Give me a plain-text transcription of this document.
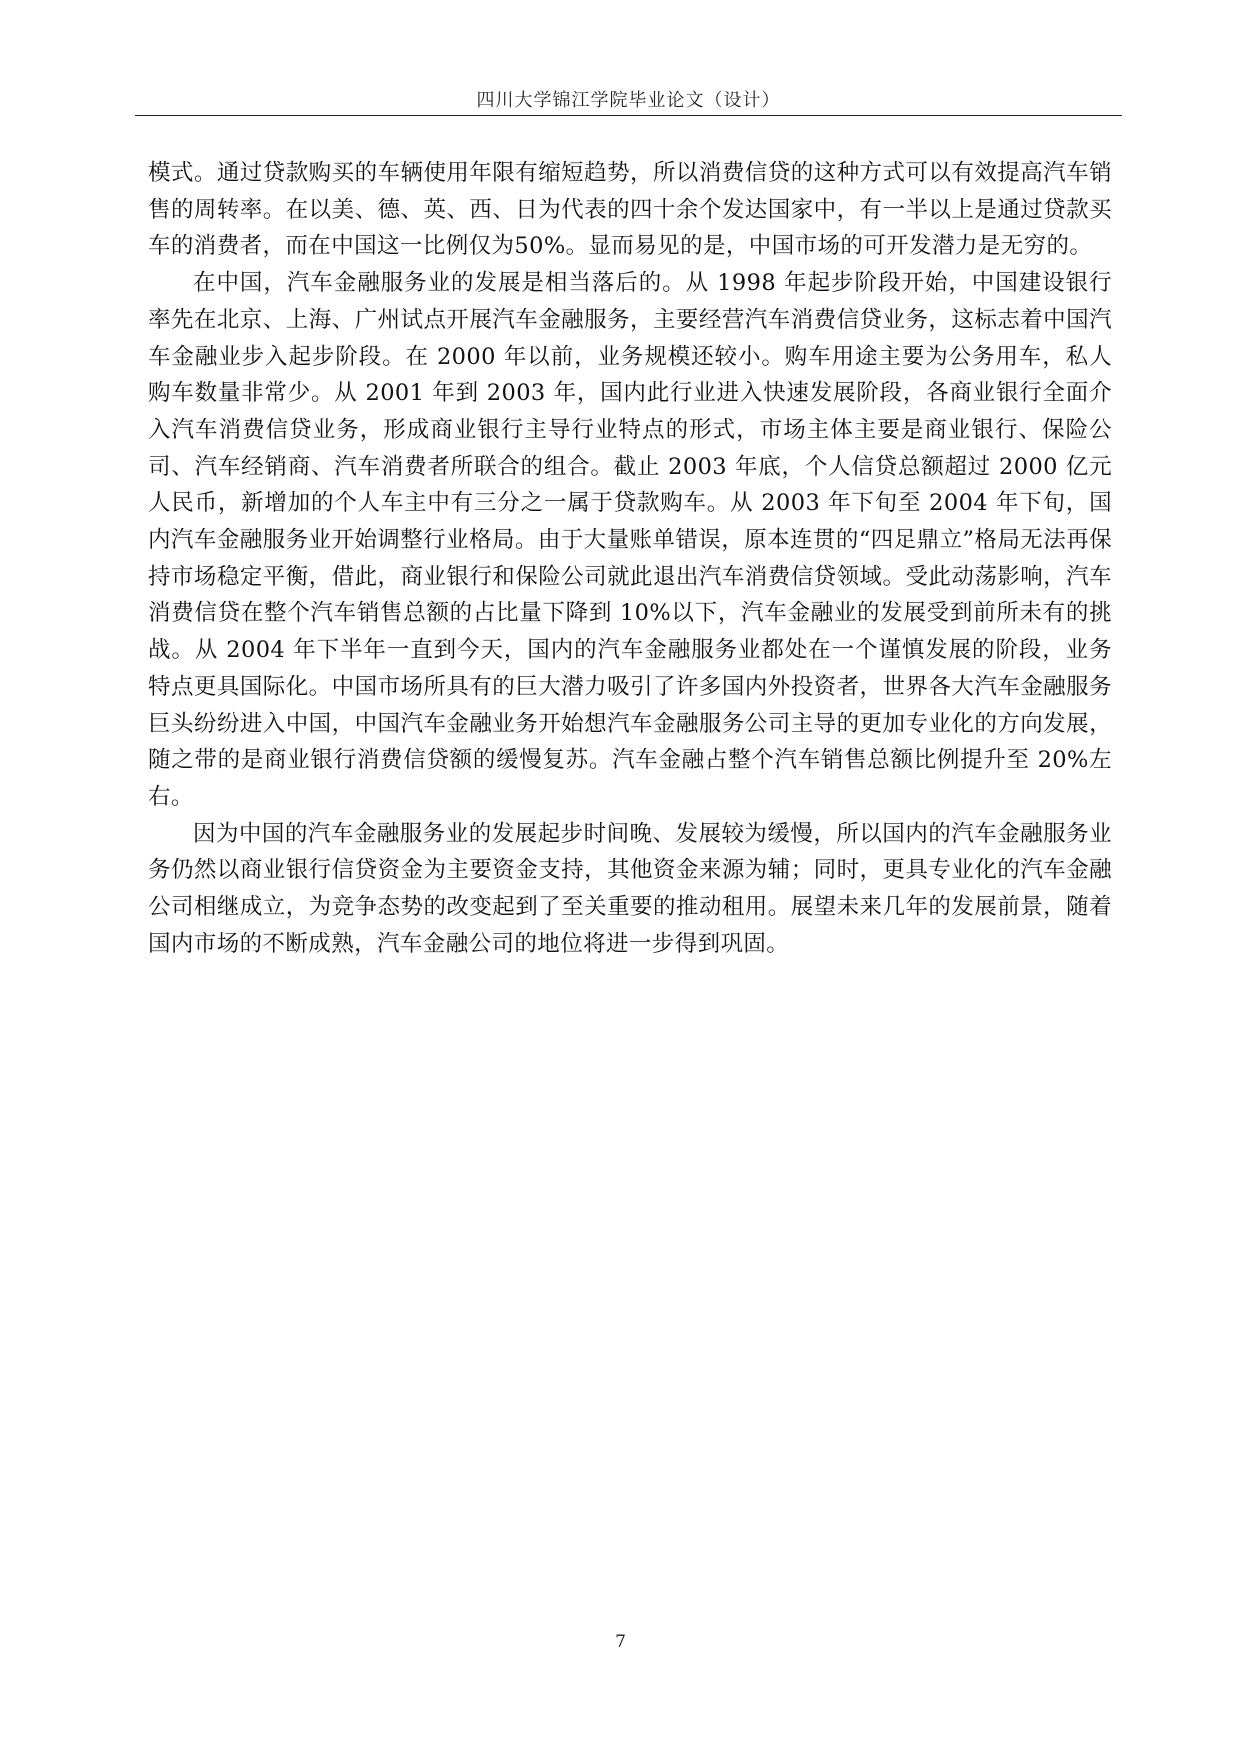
四川大学锦江学院毕业论文（设计）

模式。通过贷款购买的车辆使用年限有缩短趋势，所以消费信贷的这种方式可以有效提高汽车销售的周转率。在以美、德、英、西、日为代表的四十余个发达国家中，有一半以上是通过贷款买车的消费者，而在中国这一比例仅为50%。显而易见的是，中国市场的可开发潜力是无穷的。

在中国，汽车金融服务业的发展是相当落后的。从 1998 年起步阶段开始，中国建设银行率先在北京、上海、广州试点开展汽车金融服务，主要经营汽车消费信贷业务，这标志着中国汽车金融业步入起步阶段。在 2000 年以前，业务规模还较小。购车用途主要为公务用车，私人购车数量非常少。从 2001 年到 2003 年，国内此行业进入快速发展阶段，各商业银行全面介入汽车消费信贷业务，形成商业银行主导行业特点的形式，市场主体主要是商业银行、保险公司、汽车经销商、汽车消费者所联合的组合。截止 2003 年底，个人信贷总额超过 2000 亿元人民币，新增加的个人车主中有三分之一属于贷款购车。从 2003 年下旬至 2004 年下旬，国内汽车金融服务业开始调整行业格局。由于大量账单错误，原本连贯的“四足鼎立”格局无法再保持市场稳定平衡，借此，商业银行和保险公司就此退出汽车消费信贷领域。受此动荡影响，汽车消费信贷在整个汽车销售总额的占比量下降到 10%以下，汽车金融业的发展受到前所未有的挑战。从 2004 年下半年一直到今天，国内的汽车金融服务业都处在一个谨慎发展的阶段，业务特点更具国际化。中国市场所具有的巨大潜力吸引了许多国内外投资者，世界各大汽车金融服务巨头纷纷进入中国，中国汽车金融业务开始想汽车金融服务公司主导的更加专业化的方向发展，随之带的是商业银行消费信贷额的缓慢复苏。汽车金融占整个汽车销售总额比例提升至 20%左右。

因为中国的汽车金融服务业的发展起步时间晚、发展较为缓慢，所以国内的汽车金融服务业务仍然以商业银行信贷资金为主要资金支持，其他资金来源为辅；同时，更具专业化的汽车金融公司相继成立，为竞争态势的改变起到了至关重要的推动租用。展望未来几年的发展前景，随着国内市场的不断成熟，汽车金融公司的地位将进一步得到巩固。

7
